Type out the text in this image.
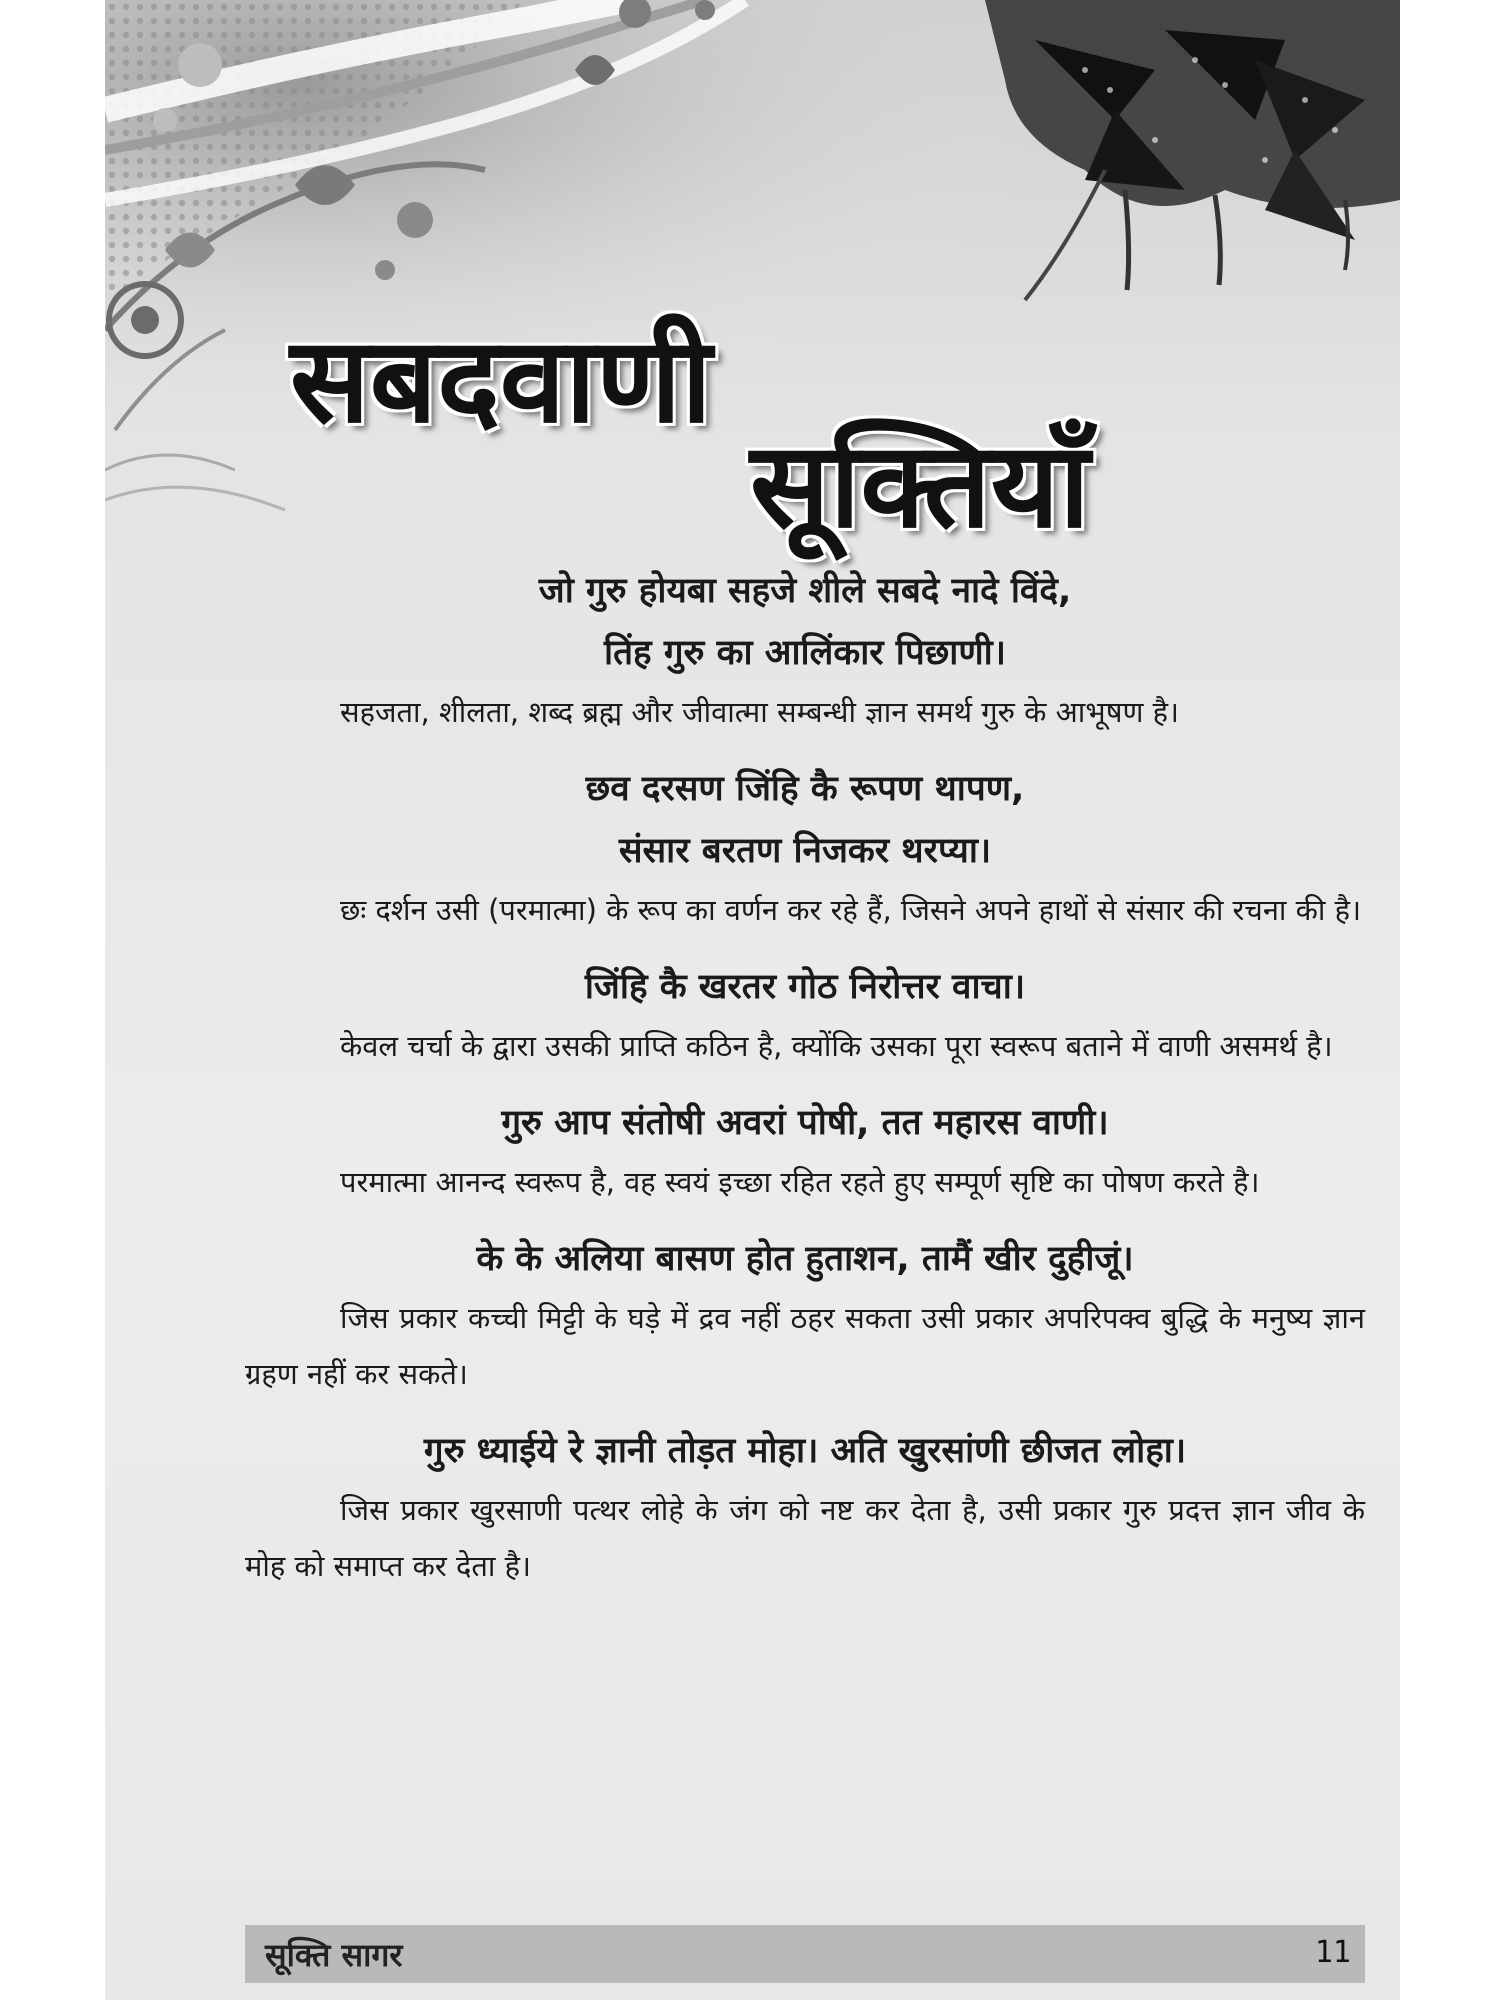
सबदवाणी
सूक्तियाँ

जो गुरु होयबा सहजे शीले सबदे नादे विंदे,

तिंह गुरु का आलिंकार पिछाणी।

सहजता, शीलता, शब्द ब्रह्म और जीवात्मा सम्बन्धी ज्ञान समर्थ गुरु के आभूषण है।

छव दरसण जिंहि कै रूपण थापण,

संसार बरतण निजकर थरप्या।

छः दर्शन उसी (परमात्मा) के रूप का वर्णन कर रहे हैं, जिसने अपने हाथों से संसार की रचना की है।

जिंहि कै खरतर गोठ निरोत्तर वाचा।

केवल चर्चा के द्वारा उसकी प्राप्ति कठिन है, क्योंकि उसका पूरा स्वरूप बताने में वाणी असमर्थ है।

गुरु आप संतोषी अवरां पोषी, तत महारस वाणी।

परमात्मा आनन्द स्वरूप है, वह स्वयं इच्छा रहित रहते हुए सम्पूर्ण सृष्टि का पोषण करते है।

के के अलिया बासण होत हुताशन, तामैं खीर दुहीजूं।

जिस प्रकार कच्ची मिट्टी के घड़े में द्रव नहीं ठहर सकता उसी प्रकार अपरिपक्व बुद्धि के मनुष्य ज्ञान ग्रहण नहीं कर सकते।

गुरु ध्याईये रे ज्ञानी तोड़त मोहा। अति खुरसांणी छीजत लोहा।

जिस प्रकार खुरसाणी पत्थर लोहे के जंग को नष्ट कर देता है, उसी प्रकार गुरु प्रदत्त ज्ञान जीव के मोह को समाप्त कर देता है।

सूक्ति सागर	11
